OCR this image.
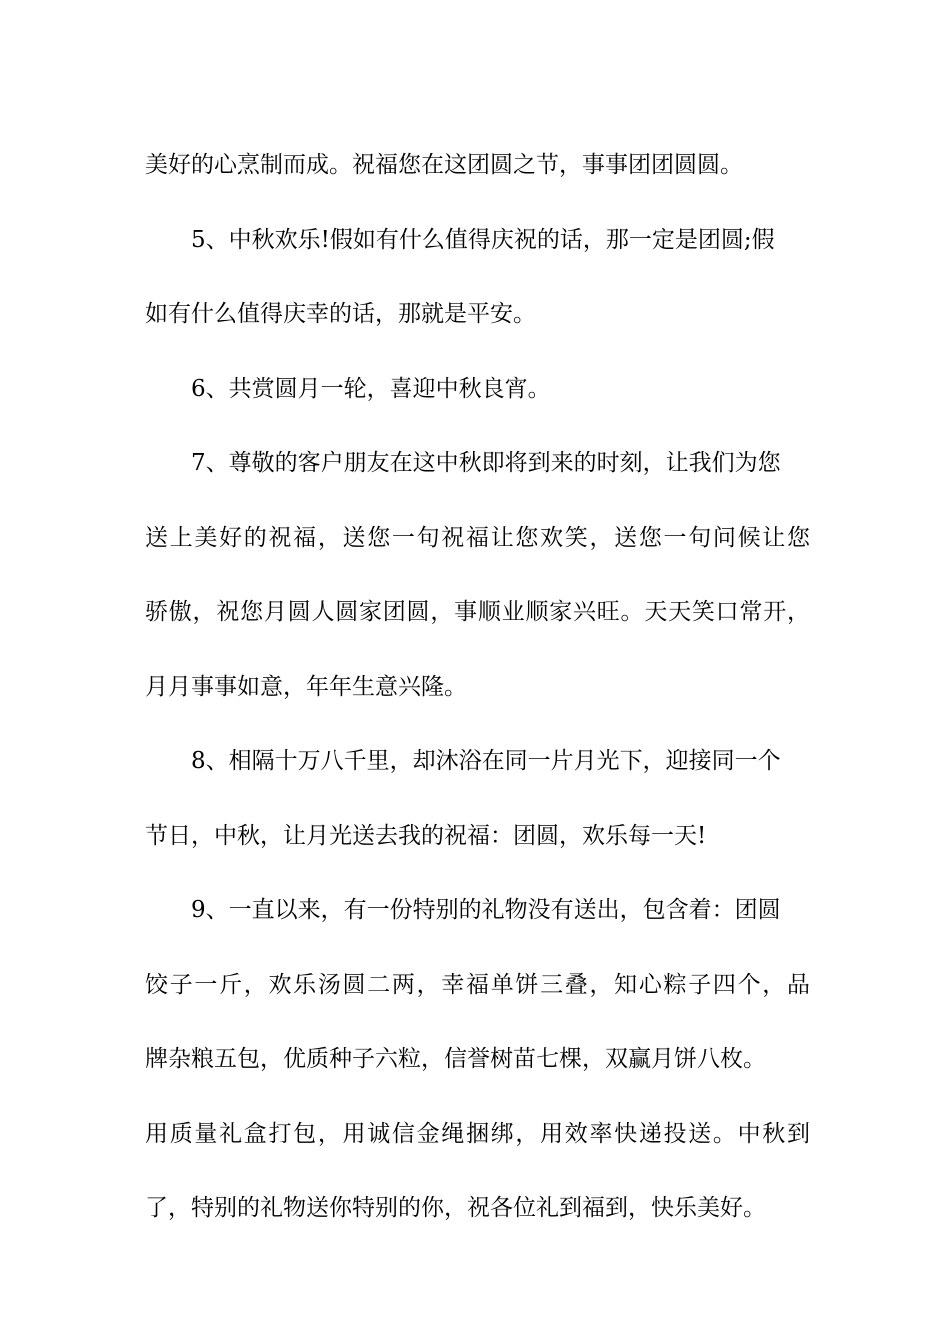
美好的心烹制而成。祝福您在这团圆之节，事事团团圆圆。
5、中秋欢乐!假如有什么值得庆祝的话，那一定是团圆;假
如有什么值得庆幸的话，那就是平安。
6、共赏圆月一轮，喜迎中秋良宵。
7、尊敬的客户朋友在这中秋即将到来的时刻，让我们为您
送上美好的祝福，送您一句祝福让您欢笑，送您一句问候让您
骄傲，祝您月圆人圆家团圆，事顺业顺家兴旺。天天笑口常开，
月月事事如意，年年生意兴隆。
8、相隔十万八千里，却沐浴在同一片月光下，迎接同一个
节日，中秋，让月光送去我的祝福：团圆，欢乐每一天!
9、一直以来，有一份特别的礼物没有送出，包含着：团圆
饺子一斤，欢乐汤圆二两，幸福单饼三叠，知心粽子四个，品
牌杂粮五包，优质种子六粒，信誉树苗七棵，双赢月饼八枚。
用质量礼盒打包，用诚信金绳捆绑，用效率快递投送。中秋到
了，特别的礼物送你特别的你，祝各位礼到福到，快乐美好。
